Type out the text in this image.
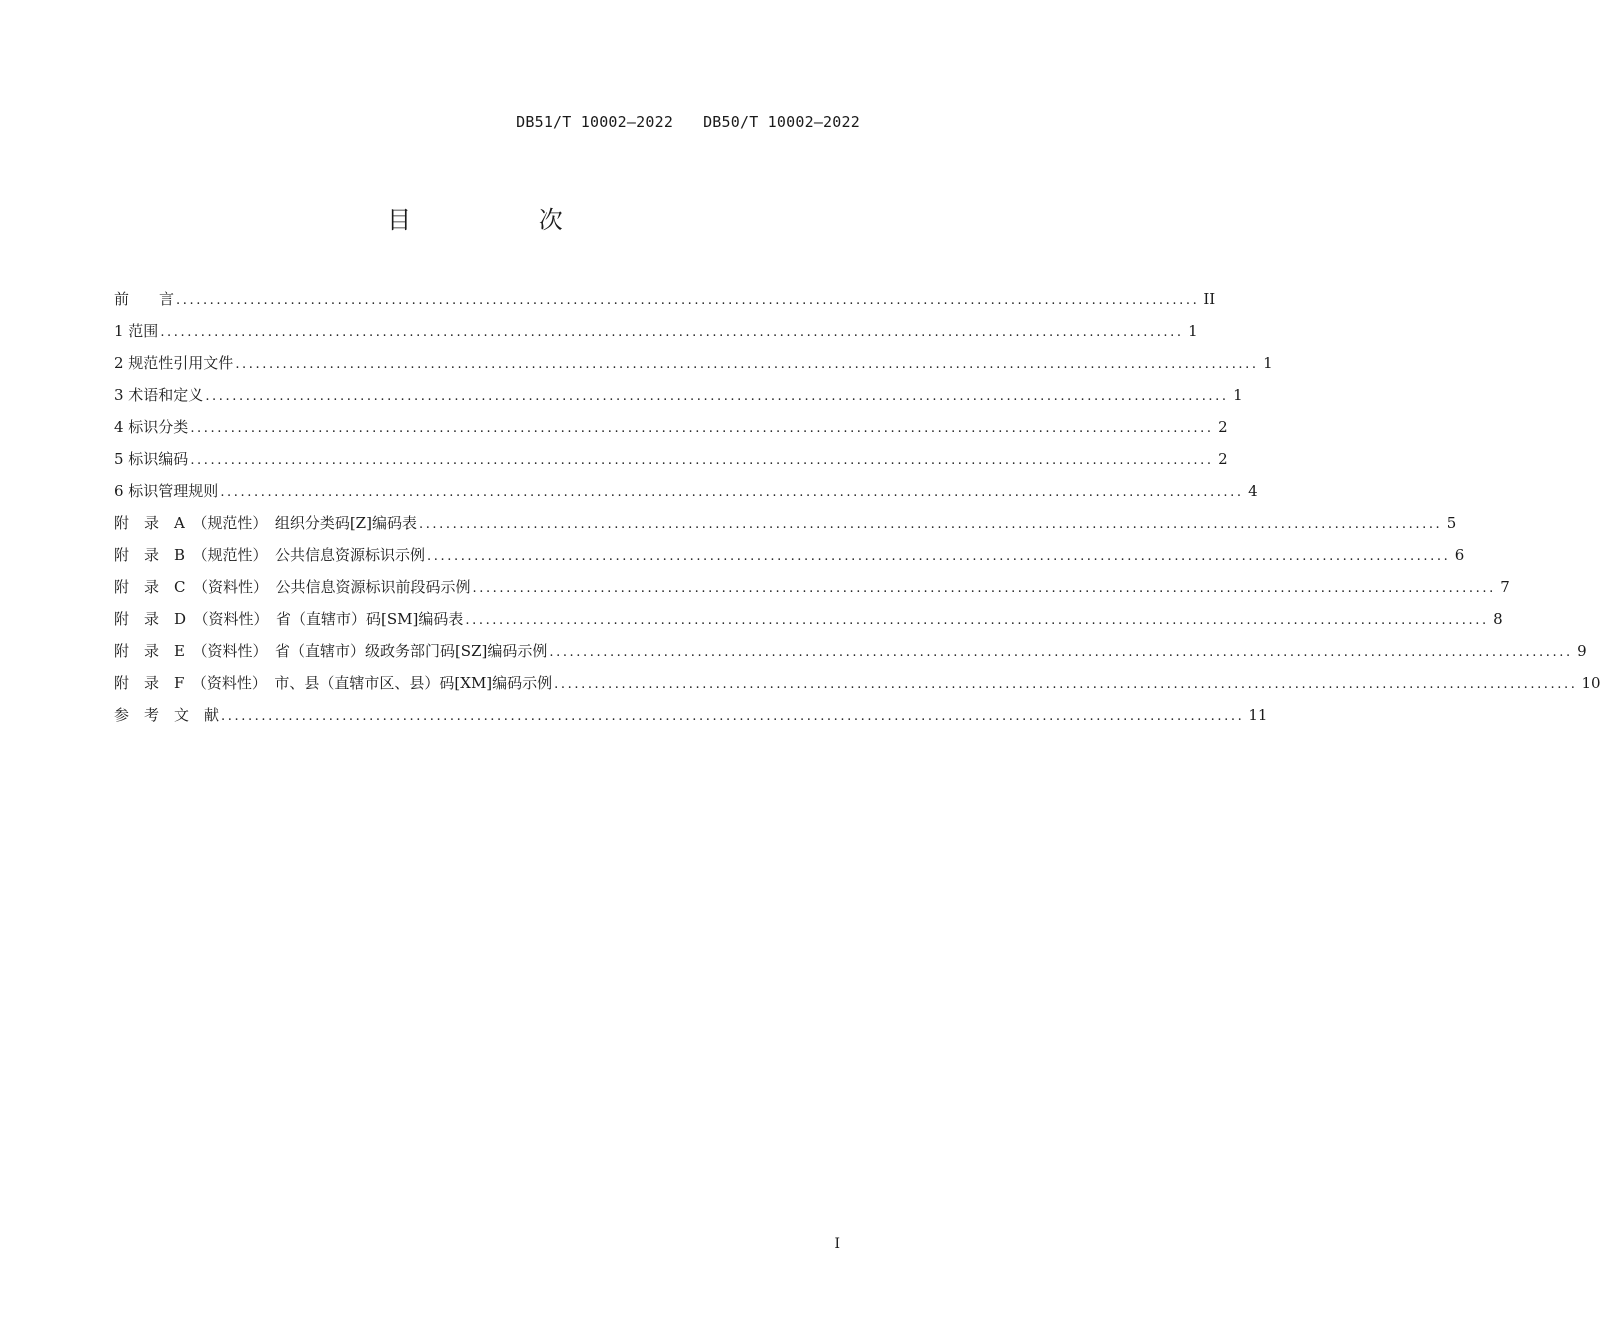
DB51/T 10002—2022 DB50/T 10002—2022
目 次
前　　言 ........................................................................................................................................................ II
1 范围 ........................................................................................................................................................ 1
2 规范性引用文件 ........................................................................................................................................................ 1
3 术语和定义 ........................................................................................................................................................ 1
4 标识分类 ........................................................................................................................................................ 2
5 标识编码 ........................................................................................................................................................ 2
6 标识管理规则 ........................................................................................................................................................ 4
附　录　A　（规范性）　组织分类码[Z]编码表 ........................................................................................................................................................ 5
附　录　B　（规范性）　公共信息资源标识示例 ........................................................................................................................................................ 6
附　录　C　（资料性）　公共信息资源标识前段码示例 ........................................................................................................................................................ 7
附　录　D　（资料性）　省（直辖市）码[SM]编码表 ........................................................................................................................................................ 8
附　录　E　（资料性）　省（直辖市）级政务部门码[SZ]编码示例 ........................................................................................................................................................ 9
附　录　F　（资料性）　市、县（直辖市区、县）码[XM]编码示例 ........................................................................................................................................................ 10
参　考　文　献 ........................................................................................................................................................ 11
I
